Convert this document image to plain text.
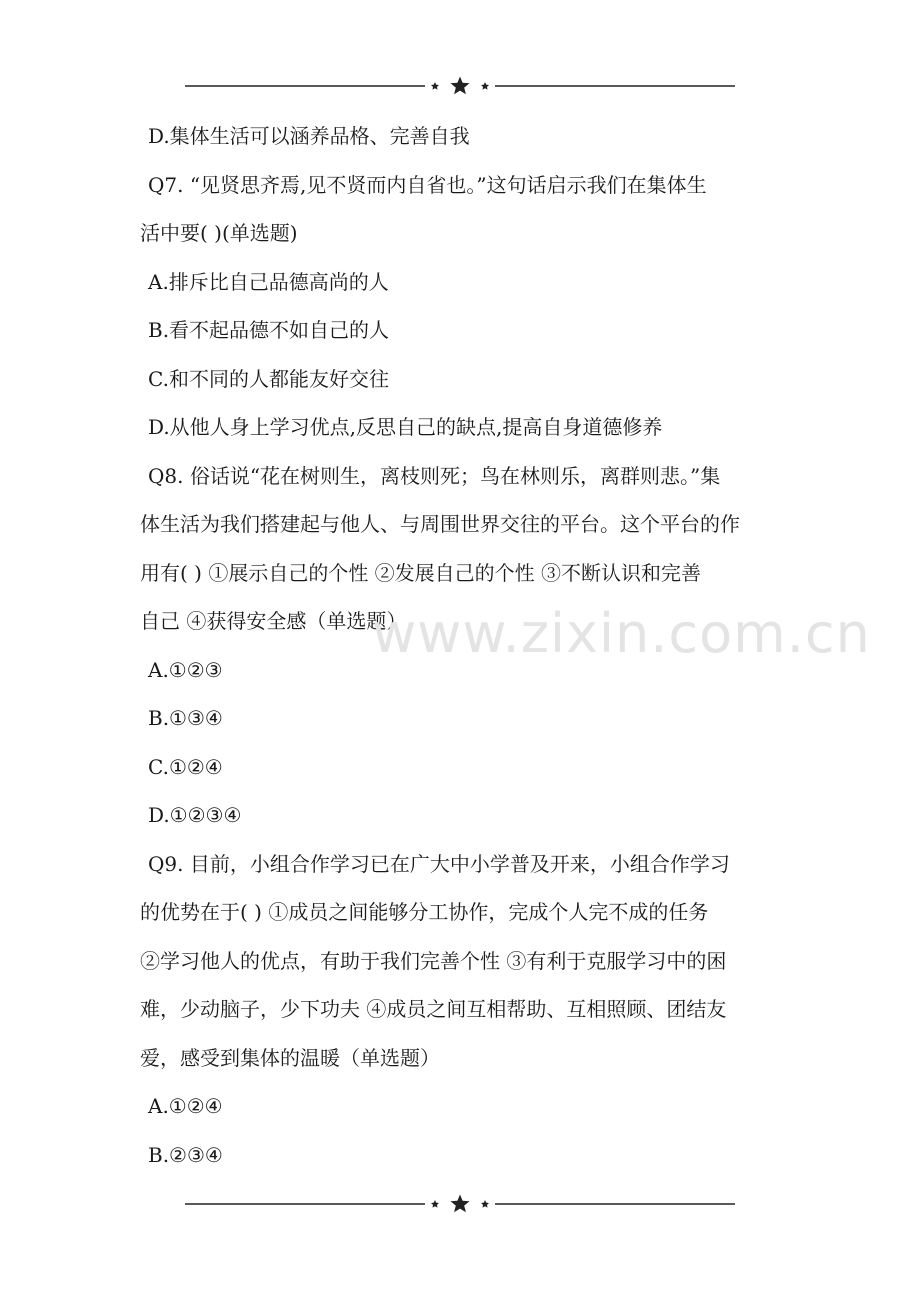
D.集体生活可以涵养品格、完善自我
Q7. “见贤思齐焉,见不贤而内自省也。”这句话启示我们在集体生
活中要( )(单选题)
A.排斥比自己品德高尚的人
B.看不起品德不如自己的人
C.和不同的人都能友好交往
D.从他人身上学习优点,反思自己的缺点,提高自身道德修养
Q8. 俗话说“花在树则生，离枝则死；鸟在林则乐，离群则悲。”集
体生活为我们搭建起与他人、与周围世界交往的平台。这个平台的作
用有( ) ①展示自己的个性 ②发展自己的个性 ③不断认识和完善
自己 ④获得安全感（单选题）
A.①②③
B.①③④
C.①②④
D.①②③④
Q9. 目前，小组合作学习已在广大中小学普及开来，小组合作学习
的优势在于( ) ①成员之间能够分工协作，完成个人完不成的任务
②学习他人的优点，有助于我们完善个性 ③有利于克服学习中的困
难，少动脑子，少下功夫 ④成员之间互相帮助、互相照顾、团结友
爱，感受到集体的温暖（单选题）
A.①②④
B.②③④
www.zixin.com.cn
